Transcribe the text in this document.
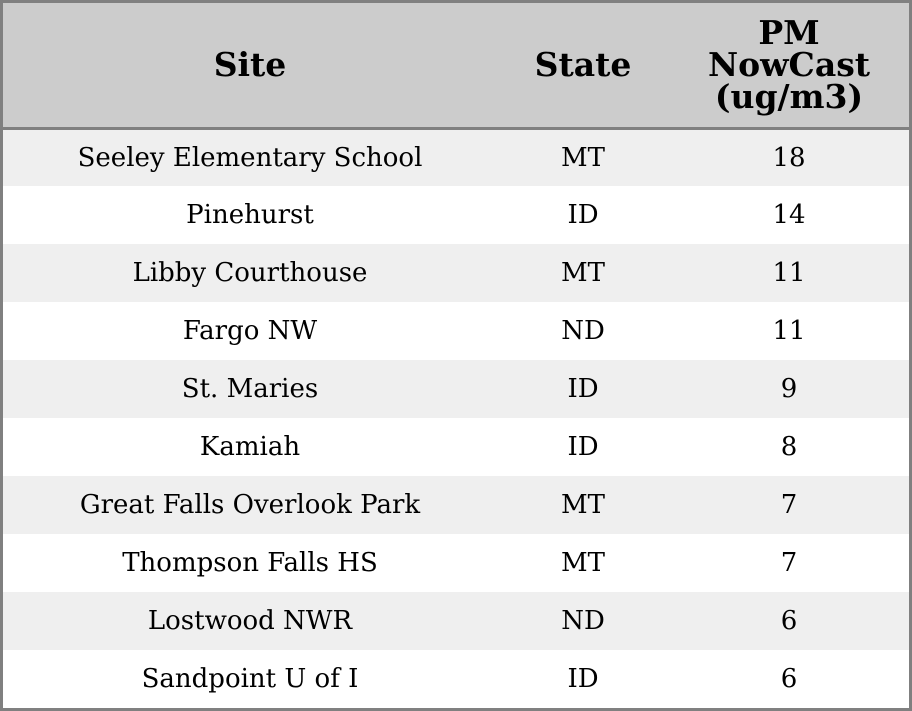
Site	State	PM
NowCast
(ug/m3)

Seeley Elementary School	MT	18
Pinehurst	ID	14
Libby Courthouse	MT	11
Fargo NW	ND	11
St. Maries	ID	9
Kamiah	ID	8
Great Falls Overlook Park	MT	7
Thompson Falls HS	MT	7
Lostwood NWR	ND	6
Sandpoint U of I	ID	6
